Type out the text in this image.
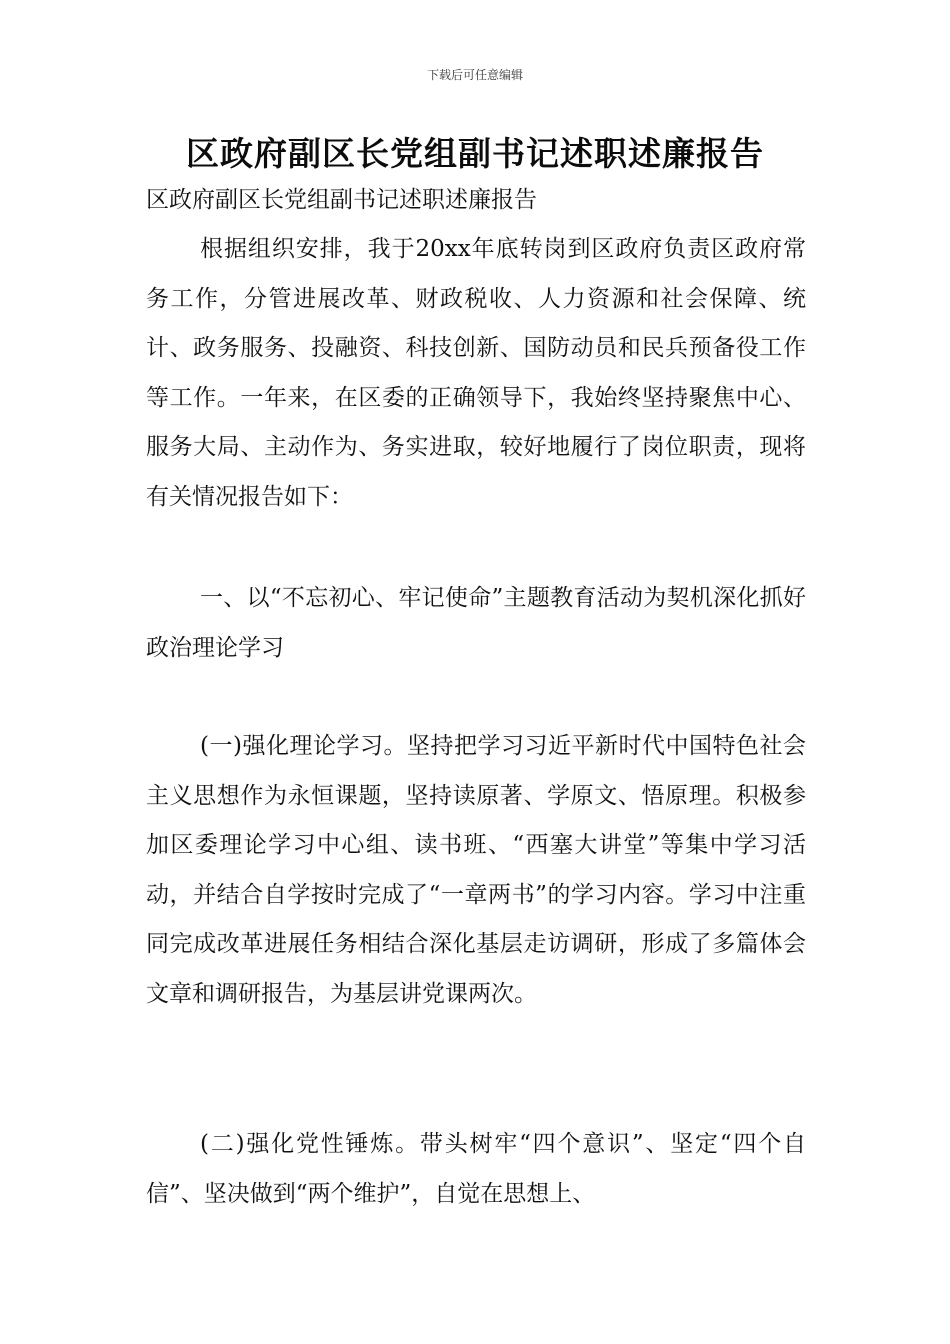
下载后可任意编辑
区政府副区长党组副书记述职述廉报告
区政府副区长党组副书记述职述廉报告

根据组织安排，我于20xx年底转岗到区政府负责区政府常务工作，分管进展改革、财政税收、人力资源和社会保障、统计、政务服务、投融资、科技创新、国防动员和民兵预备役工作等工作。一年来，在区委的正确领导下，我始终坚持聚焦中心、服务大局、主动作为、务实进取，较好地履行了岗位职责，现将有关情况报告如下：

一、以“不忘初心、牢记使命”主题教育活动为契机深化抓好政治理论学习

(一)强化理论学习。坚持把学习习近平新时代中国特色社会主义思想作为永恒课题，坚持读原著、学原文、悟原理。积极参加区委理论学习中心组、读书班、“西塞大讲堂”等集中学习活动，并结合自学按时完成了“一章两书”的学习内容。学习中注重同完成改革进展任务相结合深化基层走访调研，形成了多篇体会文章和调研报告，为基层讲党课两次。

(二)强化党性锤炼。带头树牢“四个意识”、坚定“四个自信”、坚决做到“两个维护”，自觉在思想上、
